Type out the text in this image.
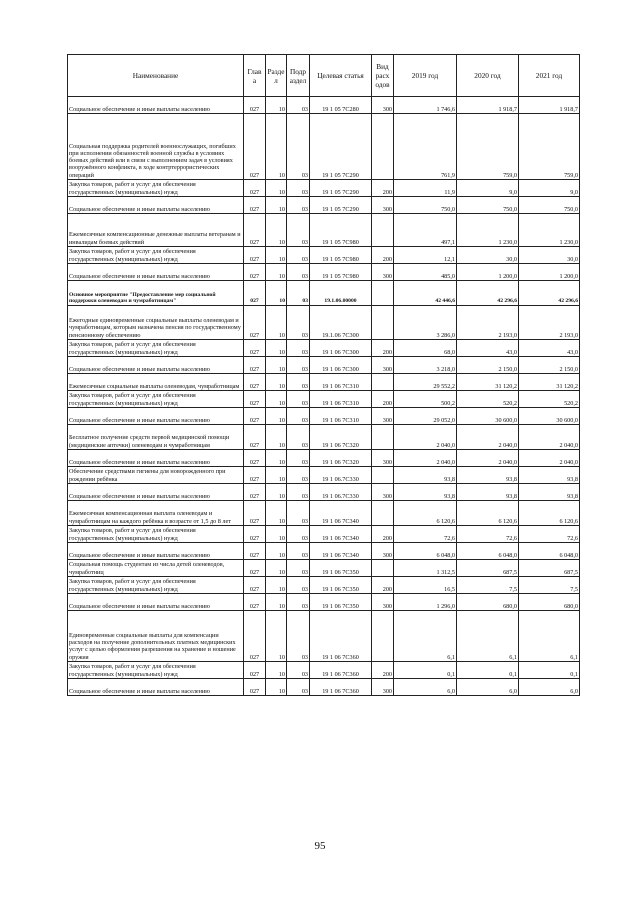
Наименование	Глав а	Разде л	Подр аздел	Целевая статья	Вид расх одов	2019 год	2020 год	2021 год
Социальное обеспечение и иные выплаты населению	027	10	03	19 1 05 7С280	300	1 746,6	1 918,7	1 918,7
Социальная поддержка родителей военнослужащих, погибших при исполнении обязанностей военной службы в условиях боевых действий или в связи с выполнением задач в условиях вооружённого конфликта, в ходе контртеррористических операций	027	10	03	19 1 05 7С290		761,9	759,0	759,0
Закупка товаров, работ и услуг для обеспечения государственных (муниципальных) нужд	027	10	03	19 1 05 7С290	200	11,9	9,0	9,0
Социальное обеспечение и иные выплаты населению	027	10	03	19 1 05 7С290	300	750,0	750,0	750,0
Ежемесячные компенсационные денежные выплаты ветеранам и инвалидам боевых действий	027	10	03	19 1 05 7С980		497,1	1 230,0	1 230,0
Закупка товаров, работ и услуг для обеспечения государственных (муниципальных) нужд	027	10	03	19 1 05 7С980	200	12,1	30,0	30,0
Социальное обеспечение и иные выплаты населению	027	10	03	19 1 05 7С980	300	485,0	1 200,0	1 200,0
Основное мероприятие "Предоставление мер социальной поддержки олеиеводам и чумработницам"	027	10	03	19.1.06.00000		42 446,6	42 296,6	42 296,6
Ежегодные единовременные социальные выплаты оленеводам и чумработницам, которым назначена пенсия по государственному пенсионному обеспечению	027	10	03	19.1.06 7С300		3 286,0	2 193,0	2 193,0
Закупка товаров, работ и услуг для обеспечения государственных (муниципальных) нужд	027	10	03	19 1 06 7С300	200	68,0	43,0	43,0
Социальное обеспечение и иные выплаты населению	027	10	03	19 1 06 7С300	300	3 218,0	2 150,0	2 150,0
Ежемесячные социальные выплаты оленеводам, чумработницам	027	10	03	19 1 06 7С310		29 552,2	31 120,2	31 120,2
Закупка товаров, работ и услуг для обеспечения государственных (муниципальных) нужд	027	10	03	19 1 06 7С310	200	500,2	520,2	520,2
Социальное обеспечение и иные выплаты населению	027	10	03	19 1 06 7С310	300	29 052,0	30 600,0	30 600,0
Бесплатное получение средств первой медицинской помощи (медицинские аптечки) оленеводам и чумработницам	027	10	03	19 1 06 7С320		2 040,0	2 040,0	2 040,0
Социальное обеспечение и иные выплаты населению	027	10	03	19 1 06 7С320	300	2 040,0	2 040,0	2 040,0
Обеспечение средствами гигиены для новорожденного при рождении ребёнка	027	10	03	19 1 06.7С330		93,8	93,8	93,8
Социальное обеспечение и иные выплаты населению	027	10	03	19 1 06.7С330	300	93,8	93,8	93,8
Ежемесячная компенсационная выплата оленеводам и чумработницам на каждого ребёнка в возрасте от 1,5 до 8 лет	027	10	03	19 1 06 7С340		6 120,6	6 120,6	6 120,6
Закупка товаров, работ и услуг для обеспечения государственных (муниципальных) нужд	027	10	03	19 1 06 7С340	200	72,6	72,6	72,6
Социальное обеспечение и иные выплаты населению	027	10	03	19 1 06 7С340	300	6 048,0	6 048,0	6 048,0
Социальная помощь студентам из числа детей оленеводов, чумработниц	027	10	03	19 1 06 7С350		1 312,5	687,5	687,5
Закупка товаров, работ и услуг для обеспечения государственных (муниципальных) нужд	027	10	03	19 1 06 7С350	200	16,5	7,5	7,5
Социальное обеспечение и иные выплаты населению	027	10	03	19 1 06 7С350	300	1 296,0	680,0	680,0
Единовременные социальные выплаты для компенсации расходов на получение дополнительных платных медицинских услуг с целью оформления разрешения на хранение и ношение оружия	027	10	03	19 1 06 7С360		6,1	6,1	6,1
Закупка товаров, работ и услуг для обеспечения государственных (муниципальных) нужд	027	10	03	19 1 06 7С360	200	0,1	0,1	0,1
Социальное обеспечение и иные выплаты населению	027	10	03	19 1 06 7С360	300	6,0	6,0	6,0
95
